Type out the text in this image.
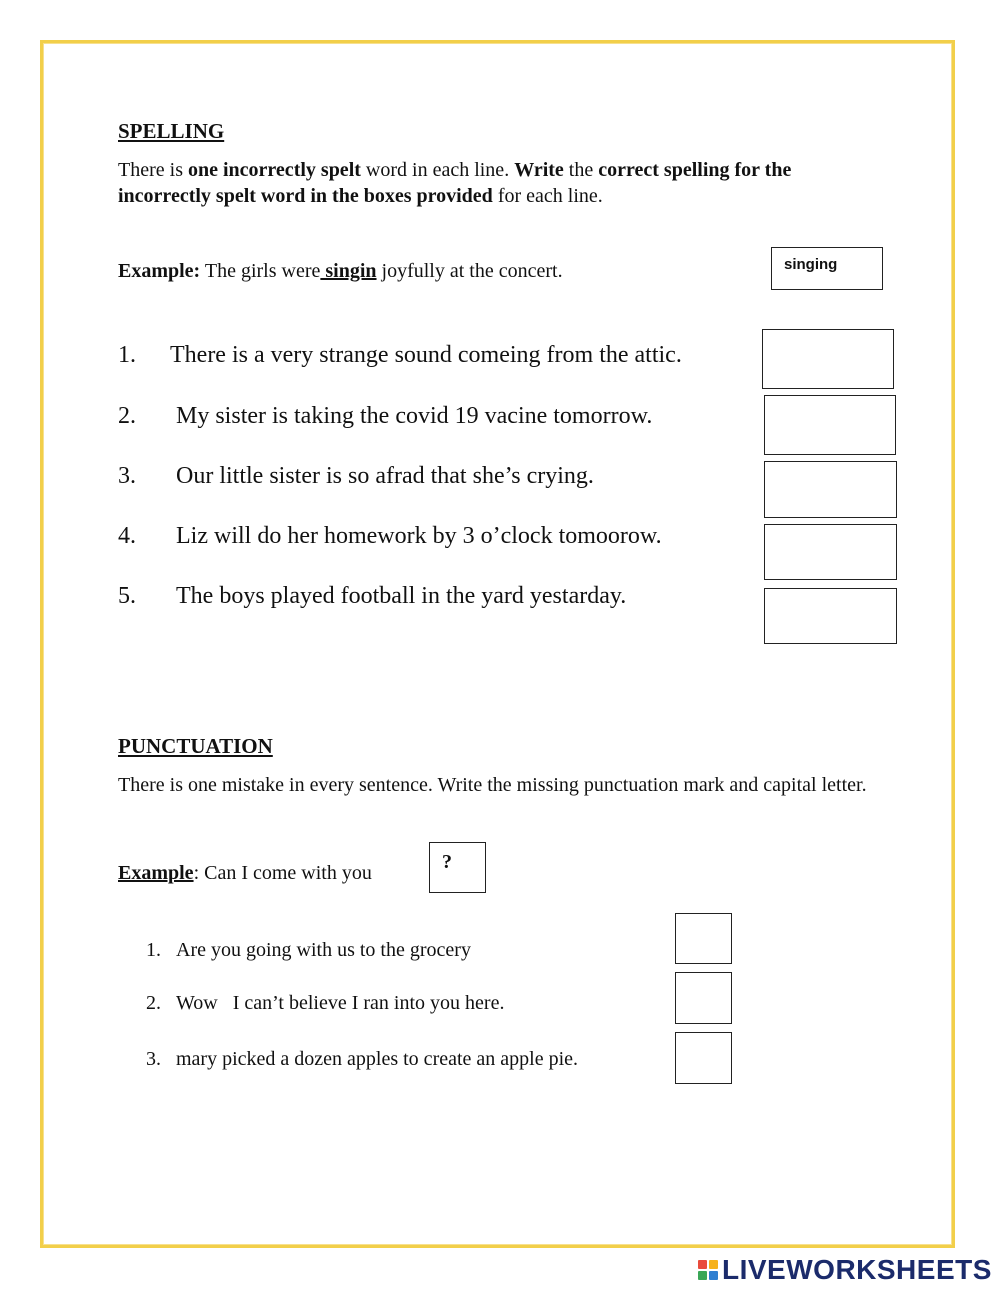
SPELLING
There is one incorrectly spelt word in each line. Write the correct spelling for the incorrectly spelt word in the boxes provided for each line.
Example: The girls were singin joyfully at the concert.	singing
1. There is a very strange sound comeing from the attic.
2. My sister is taking the covid 19 vacine tomorrow.
3. Our little sister is so afrad that she’s crying.
4. Liz will do her homework by 3 o’clock tomoorow.
5. The boys played football in the yard yestarday.
PUNCTUATION
There is one mistake in every sentence. Write the missing punctuation mark and capital letter.
Example: Can I come with you	?
1. Are you going with us to the grocery
2. Wow   I can’t believe I ran into you here.
3. mary picked a dozen apples to create an apple pie.
LIVEWORKSHEETS
